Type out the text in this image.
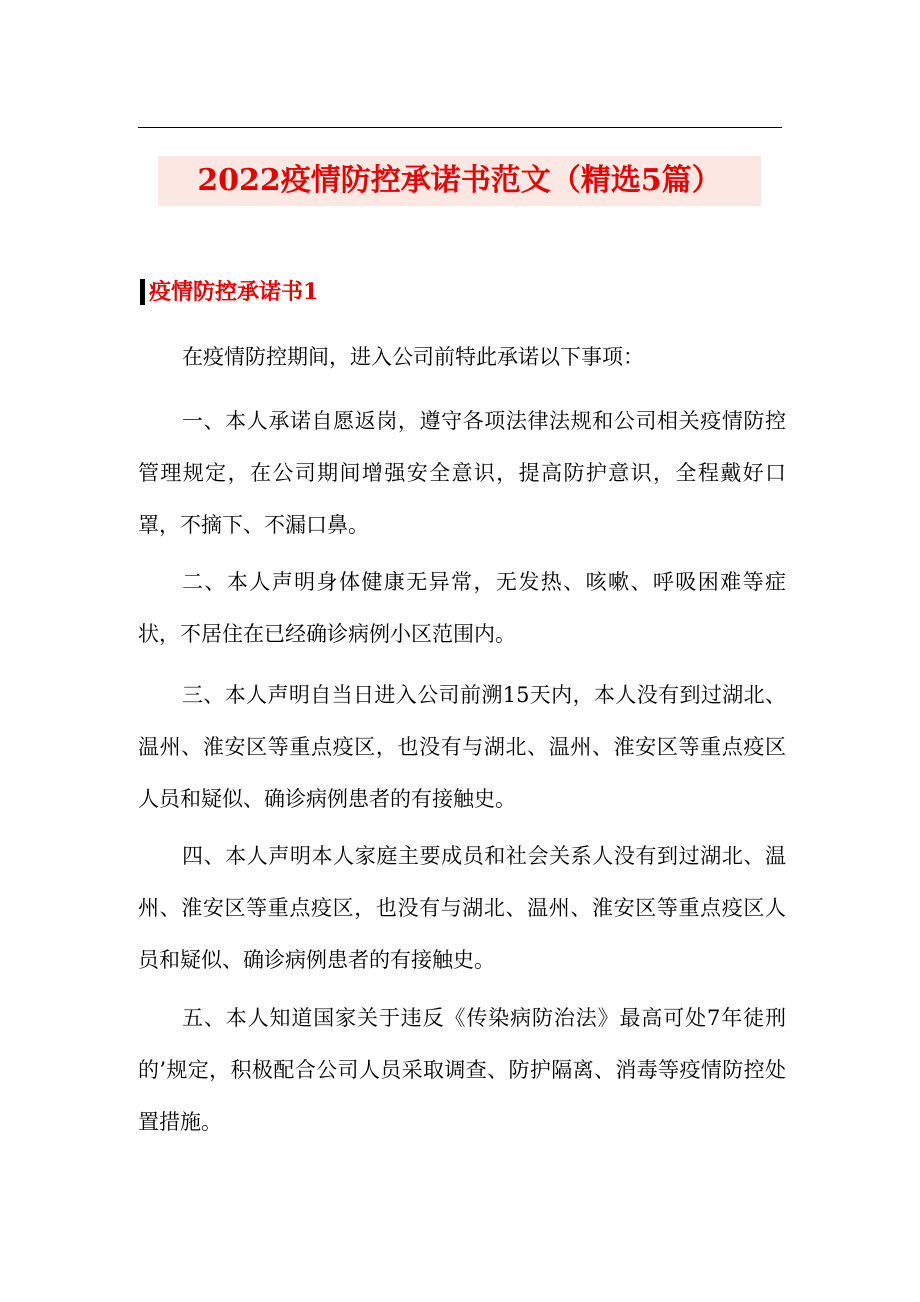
2022疫情防控承诺书范文（精选5篇）
疫情防控承诺书1

在疫情防控期间，进入公司前特此承诺以下事项：

一、本人承诺自愿返岗，遵守各项法律法规和公司相关疫情防控管理规定，在公司期间增强安全意识，提高防护意识，全程戴好口罩，不摘下、不漏口鼻。

二、本人声明身体健康无异常，无发热、咳嗽、呼吸困难等症状，不居住在已经确诊病例小区范围内。

三、本人声明自当日进入公司前溯15天内，本人没有到过湖北、温州、淮安区等重点疫区，也没有与湖北、温州、淮安区等重点疫区人员和疑似、确诊病例患者的有接触史。

四、本人声明本人家庭主要成员和社会关系人没有到过湖北、温州、淮安区等重点疫区，也没有与湖北、温州、淮安区等重点疫区人员和疑似、确诊病例患者的有接触史。

五、本人知道国家关于违反《传染病防治法》最高可处7年徒刑的’规定，积极配合公司人员采取调查、防护隔离、消毒等疫情防控处置措施。
